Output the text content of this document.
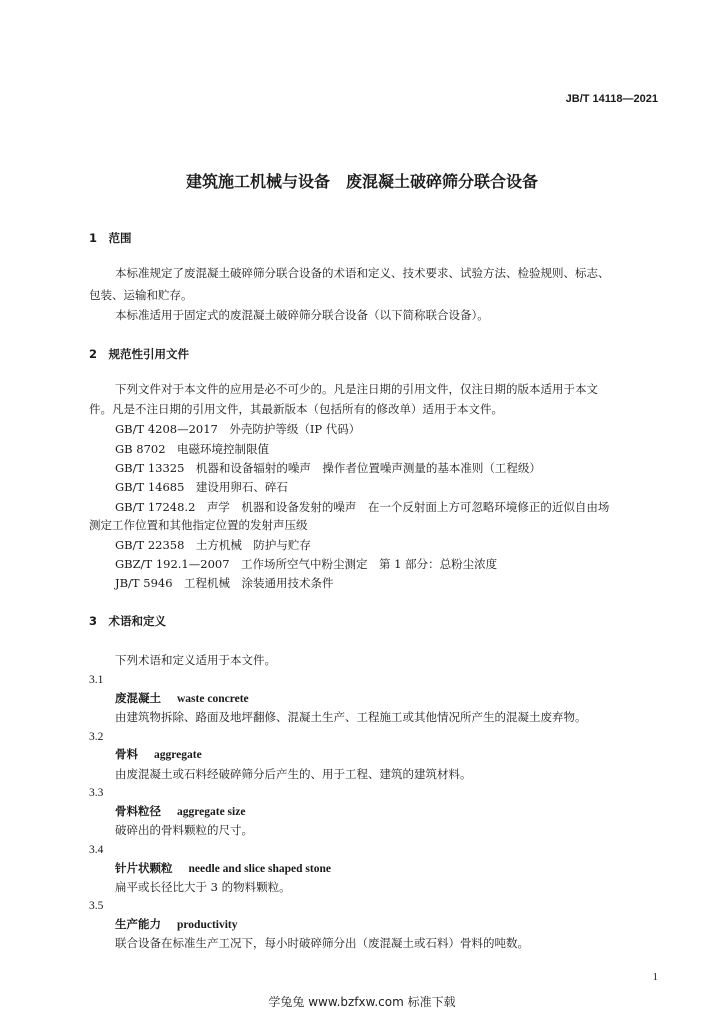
JB/T 14118—2021
建筑施工机械与设备　废混凝土破碎筛分联合设备
1　范围
本标准规定了废混凝土破碎筛分联合设备的术语和定义、技术要求、试验方法、检验规则、标志、
包装、运输和贮存。
本标准适用于固定式的废混凝土破碎筛分联合设备（以下简称联合设备）。
2　规范性引用文件
下列文件对于本文件的应用是必不可少的。凡是注日期的引用文件，仅注日期的版本适用于本文
件。凡是不注日期的引用文件，其最新版本（包括所有的修改单）适用于本文件。
GB/T 4208—2017　外壳防护等级（IP 代码）
GB 8702　电磁环境控制限值
GB/T 13325　机器和设备辐射的噪声　操作者位置噪声测量的基本准则（工程级）
GB/T 14685　建设用卵石、碎石
GB/T 17248.2　声学　机器和设备发射的噪声　在一个反射面上方可忽略环境修正的近似自由场
测定工作位置和其他指定位置的发射声压级
GB/T 22358　土方机械　防护与贮存
GBZ/T 192.1—2007　工作场所空气中粉尘测定　第 1 部分：总粉尘浓度
JB/T 5946　工程机械　涂装通用技术条件
3　术语和定义
下列术语和定义适用于本文件。
3.1
废混凝土 waste concrete
由建筑物拆除、路面及地坪翻修、混凝土生产、工程施工或其他情况所产生的混凝土废弃物。
3.2
骨料 aggregate
由废混凝土或石料经破碎筛分后产生的、用于工程、建筑的建筑材料。
3.3
骨料粒径 aggregate size
破碎出的骨料颗粒的尺寸。
3.4
针片状颗粒 needle and slice shaped stone
扁平或长径比大于 3 的物料颗粒。
3.5
生产能力 productivity
联合设备在标准生产工况下，每小时破碎筛分出（废混凝土或石料）骨料的吨数。
1
学兔兔 www.bzfxw.com 标准下载
